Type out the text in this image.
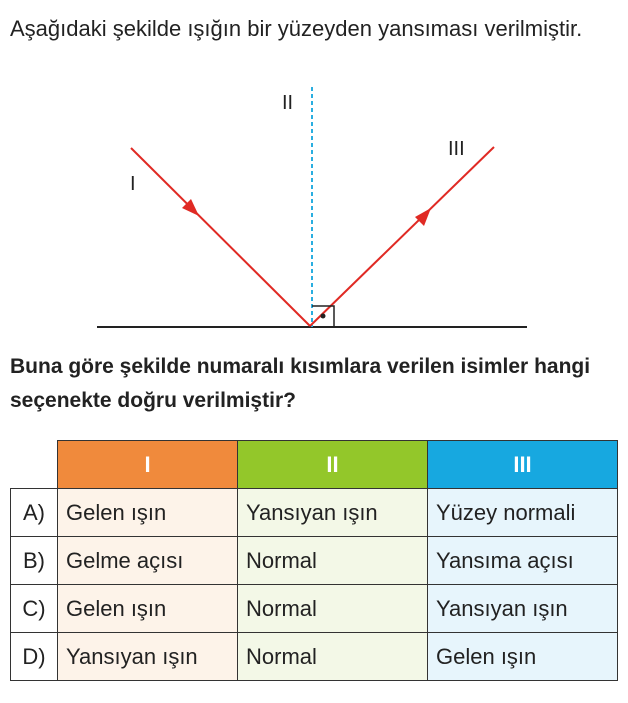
Aşağıdaki şekilde ışığın bir yüzeyden yansıması verilmiştir.

I
II
III

Buna göre şekilde numaralı kısımlara verilen isimler hangi seçenekte doğru verilmiştir?

	I	II	III
A)	Gelen ışın	Yansıyan ışın	Yüzey normali
B)	Gelme açısı	Normal	Yansıma açısı
C)	Gelen ışın	Normal	Yansıyan ışın
D)	Yansıyan ışın	Normal	Gelen ışın
